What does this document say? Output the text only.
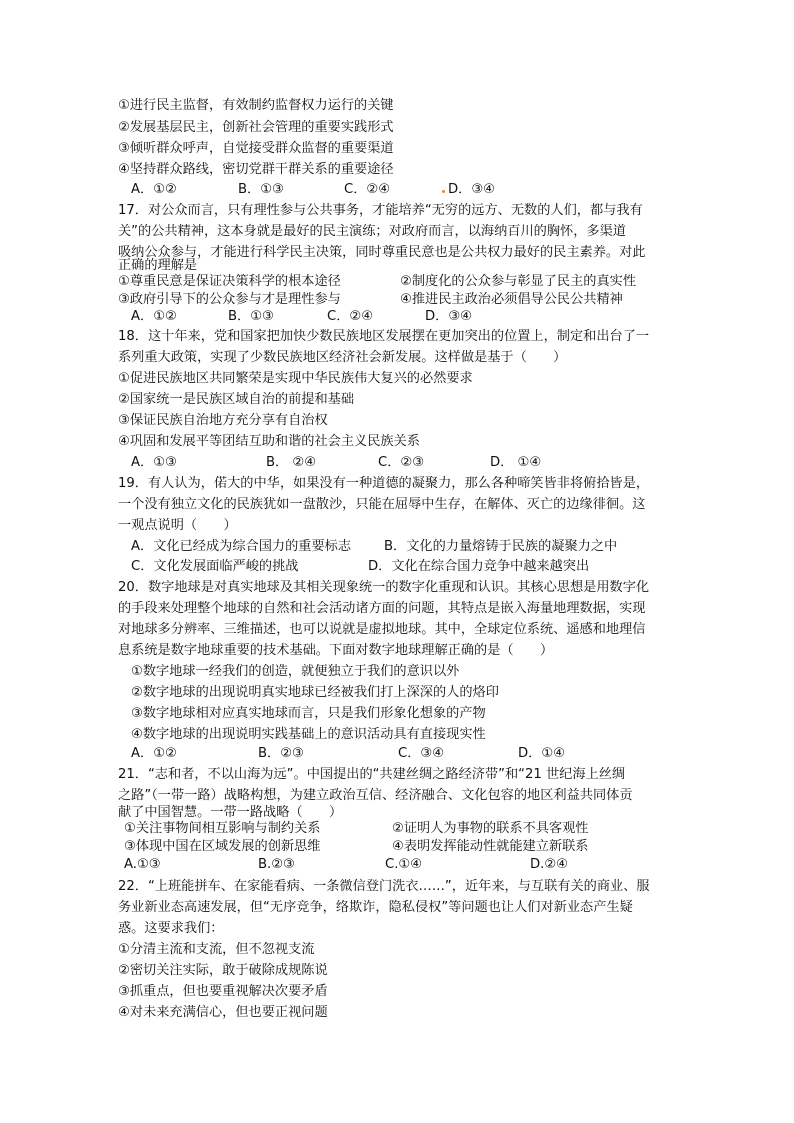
①进行民主监督，有效制约监督权力运行的关键
②发展基层民主，创新社会管理的重要实践形式
③倾听群众呼声，自觉接受群众监督的重要渠道
④坚持群众路线，密切党群干群关系的重要途径
A．①②	B．①③	C．②④	D．③④
17．对公众而言，只有理性参与公共事务，才能培养“无穷的远方、无数的人们，都与我有
关”的公共精神，这本身就是最好的民主演练；对政府而言，以海纳百川的胸怀，多渠道
吸纳公众参与，才能进行科学民主决策，同时尊重民意也是公共权力最好的民主素养。对此
正确的理解是
①尊重民意是保证决策科学的根本途径	②制度化的公众参与彰显了民主的真实性
③政府引导下的公众参与才是理性参与	④推进民主政治必须倡导公民公共精神
A．①②	B．①③	C．②④	D．③④
18．这十年来，党和国家把加快少数民族地区发展摆在更加突出的位置上，制定和出台了一
系列重大政策，实现了少数民族地区经济社会新发展。这样做是基于（　　）
①促进民族地区共同繁荣是实现中华民族伟大复兴的必然要求
②国家统一是民族区域自治的前提和基础
③保证民族自治地方充分享有自治权
④巩固和发展平等团结互助和谐的社会主义民族关系
A．①③	B． ②④	C．②③	D． ①④
19．有人认为，偌大的中华，如果没有一种道德的凝聚力，那么各种啼笑皆非将俯拾皆是，
一个没有独立文化的民族犹如一盘散沙，只能在屈辱中生存，在解体、灭亡的边缘徘徊。这
一观点说明（　　）
A．文化已经成为综合国力的重要标志 B．文化的力量熔铸于民族的凝聚力之中
C．文化发展面临严峻的挑战	D．文化在综合国力竞争中越来越突出
20．数字地球是对真实地球及其相关现象统一的数字化重现和认识。其核心思想是用数字化
的手段来处理整个地球的自然和社会活动诸方面的问题，其特点是嵌入海量地理数据，实现
对地球多分辨率、三维描述，也可以说就是虚拟地球。其中，全球定位系统、遥感和地理信
息系统是数字地球重要的技术基础。下面对数字地球理解正确的是（　　）
①数字地球一经我们的创造，就便独立于我们的意识以外
②数字地球的出现说明真实地球已经被我们打上深深的人的烙印
③数字地球相对应真实地球而言，只是我们形象化想象的产物
④数字地球的出现说明实践基础上的意识活动具有直接现实性
A．①②	B．②③	C．③④	D．①④
21．“志和者，不以山海为远”。中国提出的“共建丝绸之路经济带”和“21 世纪海上丝绸
之路”（一带一路）战略构想，为建立政治互信、经济融合、文化包容的地区利益共同体贡
献了中国智慧。一带一路战略（　　）
①关注事物间相互影响与制约关系	②证明人为事物的联系不具客观性
③体现中国在区域发展的创新思维	④表明发挥能动性就能建立新联系
A.①③	B.②③	C.①④	D.②④
22．“上班能拼车、在家能看病、一条微信登门洗衣……”，近年来，与互联有关的商业、服
务业新业态高速发展，但“无序竞争，络欺诈，隐私侵权”等问题也让人们对新业态产生疑
惑。这要求我们：
①分清主流和支流，但不忽视支流
②密切关注实际，敢于破除成规陈说
③抓重点，但也要重视解决次要矛盾
④对未来充满信心，但也要正视问题
